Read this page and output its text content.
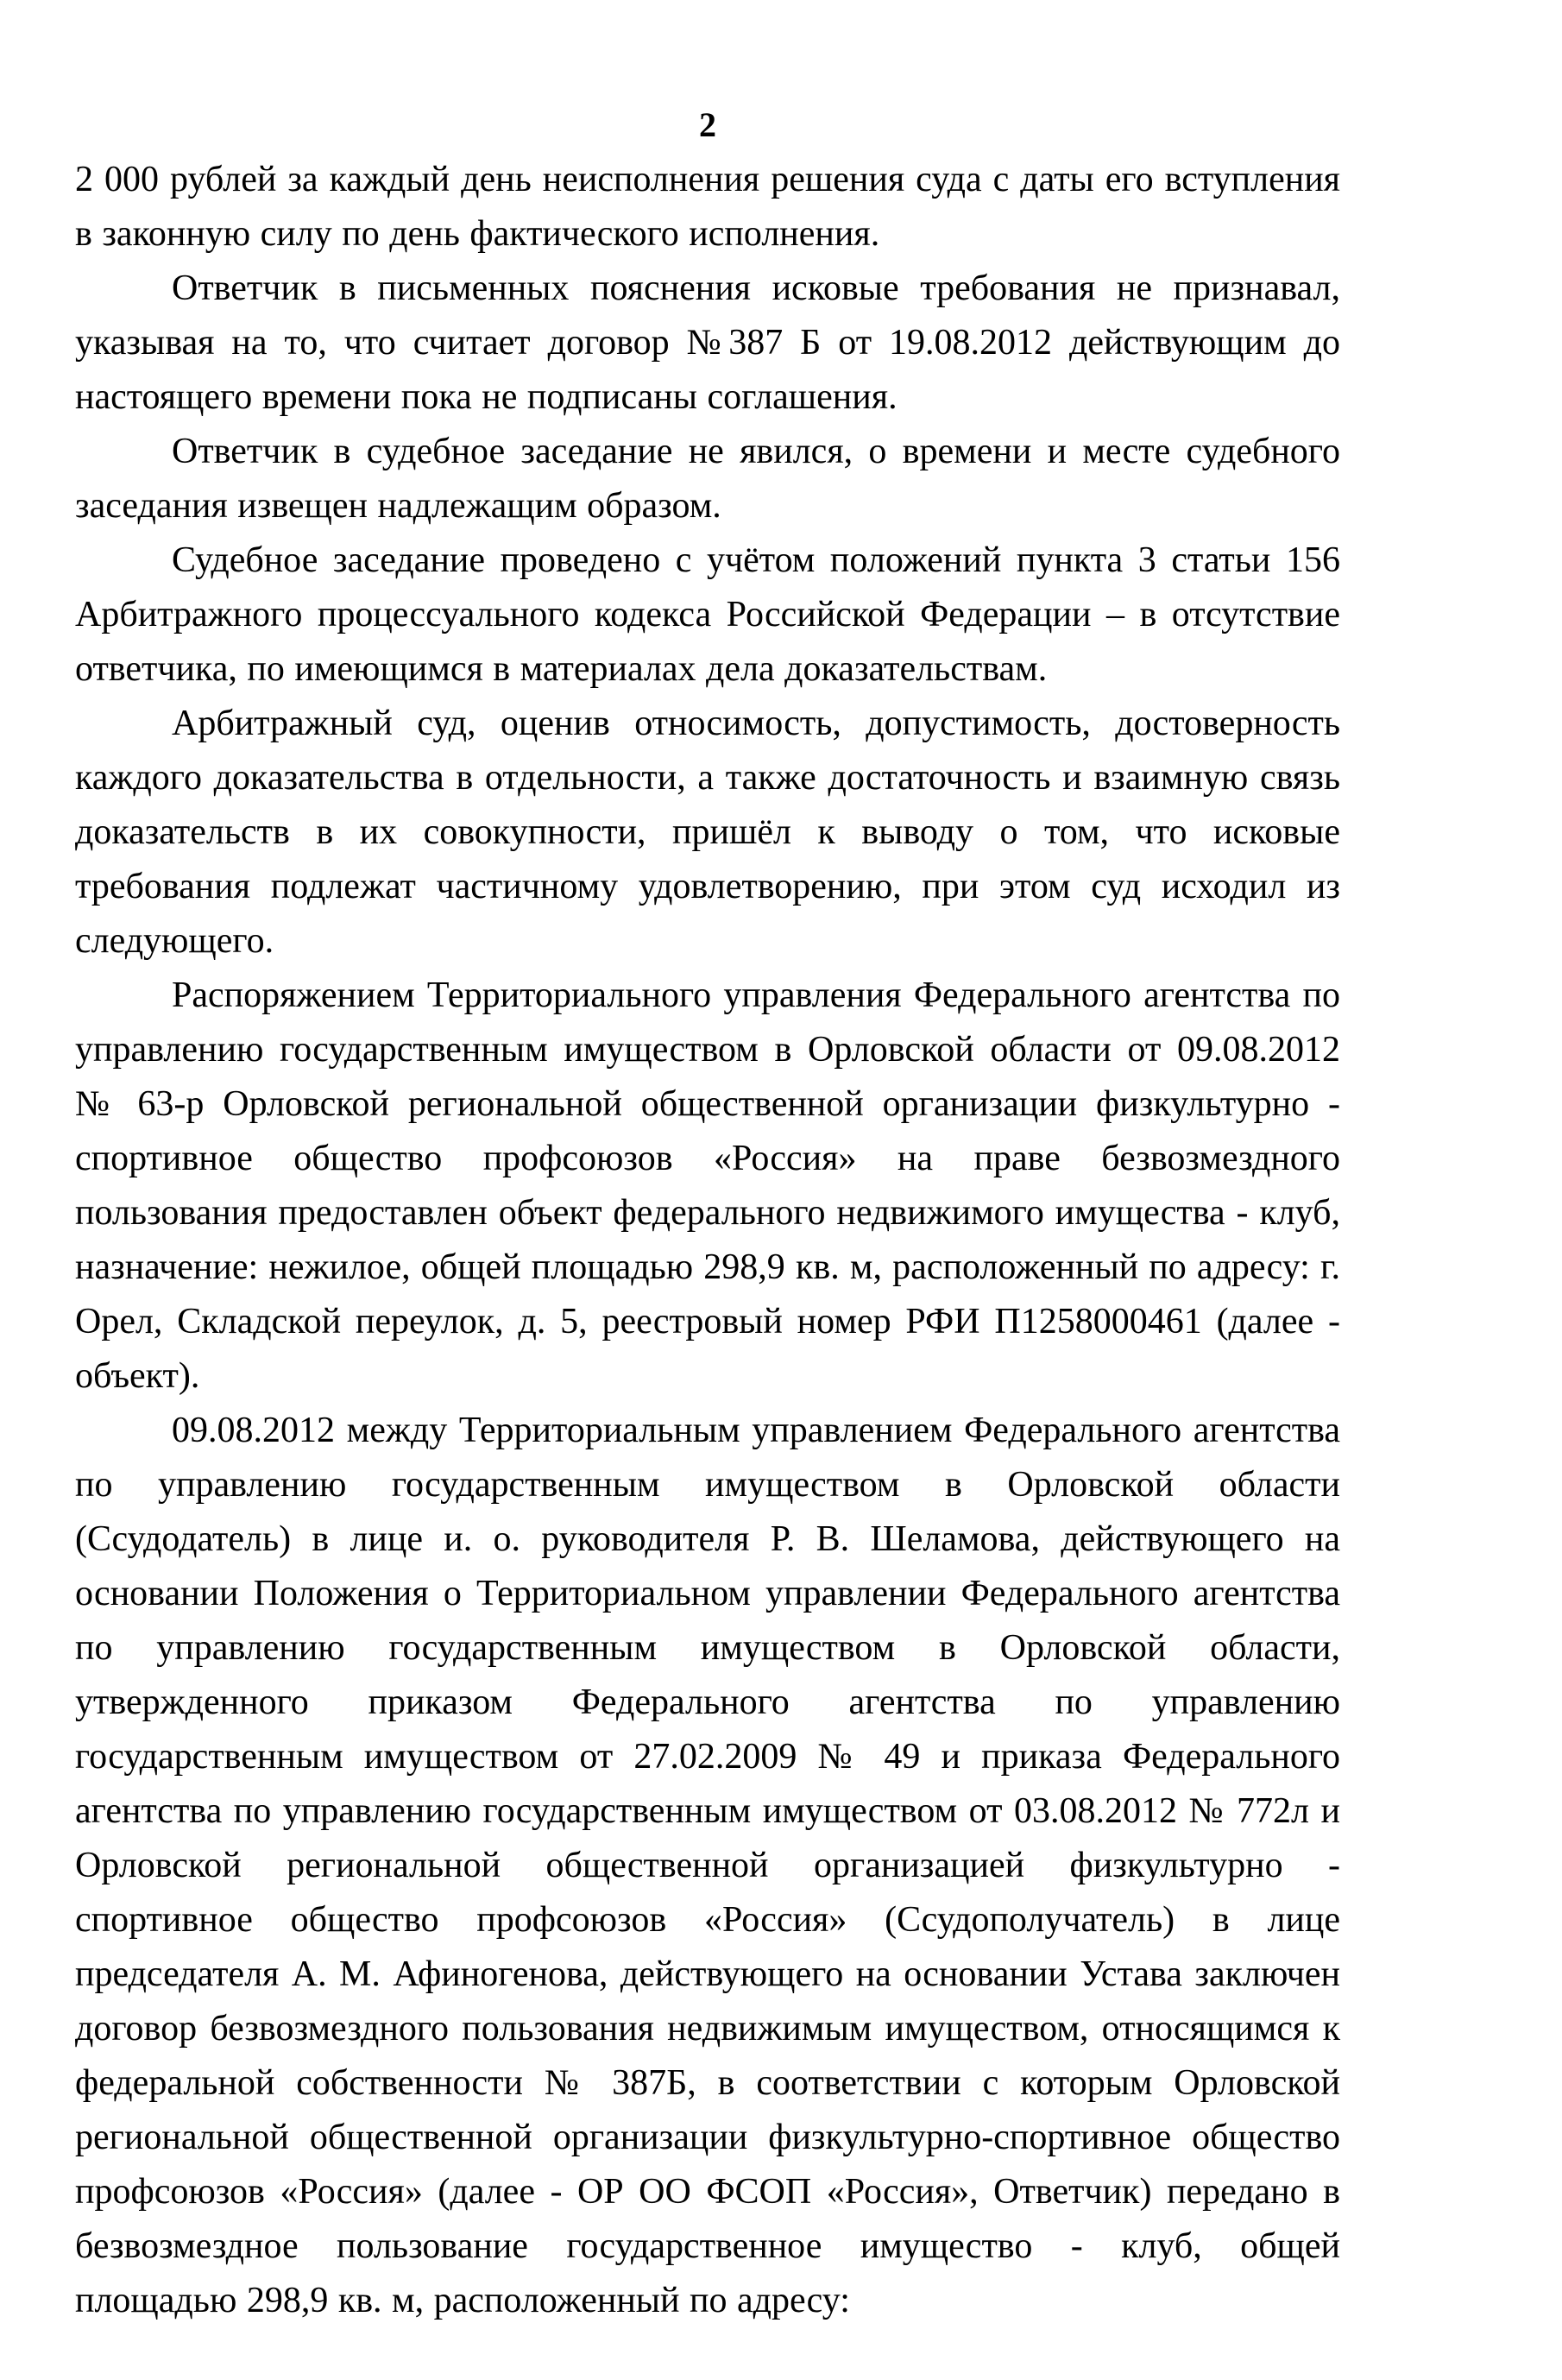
2

2 000 рублей за каждый день неисполнения решения суда с даты его вступления в законную силу по день фактического исполнения.

Ответчик в письменных пояснения исковые требования не признавал, указывая на то, что считает договор №387 Б от 19.08.2012 действующим до настоящего времени пока не подписаны соглашения.

Ответчик в судебное заседание не явился, о времени и месте судебного заседания извещен надлежащим образом.

Судебное заседание проведено с учётом положений пункта 3 статьи 156 Арбитражного процессуального кодекса Российской Федерации – в отсутствие ответчика, по имеющимся в материалах дела доказательствам.

Арбитражный суд, оценив относимость, допустимость, достоверность каждого доказательства в отдельности, а также достаточность и взаимную связь доказательств в их совокупности, пришёл к выводу о том, что исковые требования подлежат частичному удовлетворению, при этом суд исходил из следующего.

Распоряжением Территориального управления Федерального агентства по управлению государственным имуществом в Орловской области от 09.08.2012 № 63-р Орловской региональной общественной организации физкультурно - спортивное общество профсоюзов «Россия» на праве безвозмездного пользования предоставлен объект федерального недвижимого имущества - клуб, назначение: нежилое, общей площадью 298,9 кв. м, расположенный по адресу: г. Орел, Складской переулок, д. 5, реестровый номер РФИ П1258000461 (далее - объект).

09.08.2012 между Территориальным управлением Федерального агентства по управлению государственным имуществом в Орловской области (Ссудодатель) в лице и. о. руководителя Р. В. Шеламова, действующего на основании Положения о Территориальном управлении Федерального агентства по управлению государственным имуществом в Орловской области, утвержденного приказом Федерального агентства по управлению государственным имуществом от 27.02.2009 № 49 и приказа Федерального агентства по управлению государственным имуществом от 03.08.2012 № 772л и Орловской региональной общественной организацией физкультурно - спортивное общество профсоюзов «Россия» (Ссудополучатель) в лице председателя А. М. Афиногенова, действующего на основании Устава заключен договор безвозмездного пользования недвижимым имуществом, относящимся к федеральной собственности № 387Б, в соответствии с которым Орловской региональной общественной организации физкультурно-спортивное общество профсоюзов «Россия» (далее - ОР ОО ФСОП «Россия», Ответчик) передано в безвозмездное пользование государственное имущество - клуб, общей площадью 298,9 кв. м, расположенный по адресу:
